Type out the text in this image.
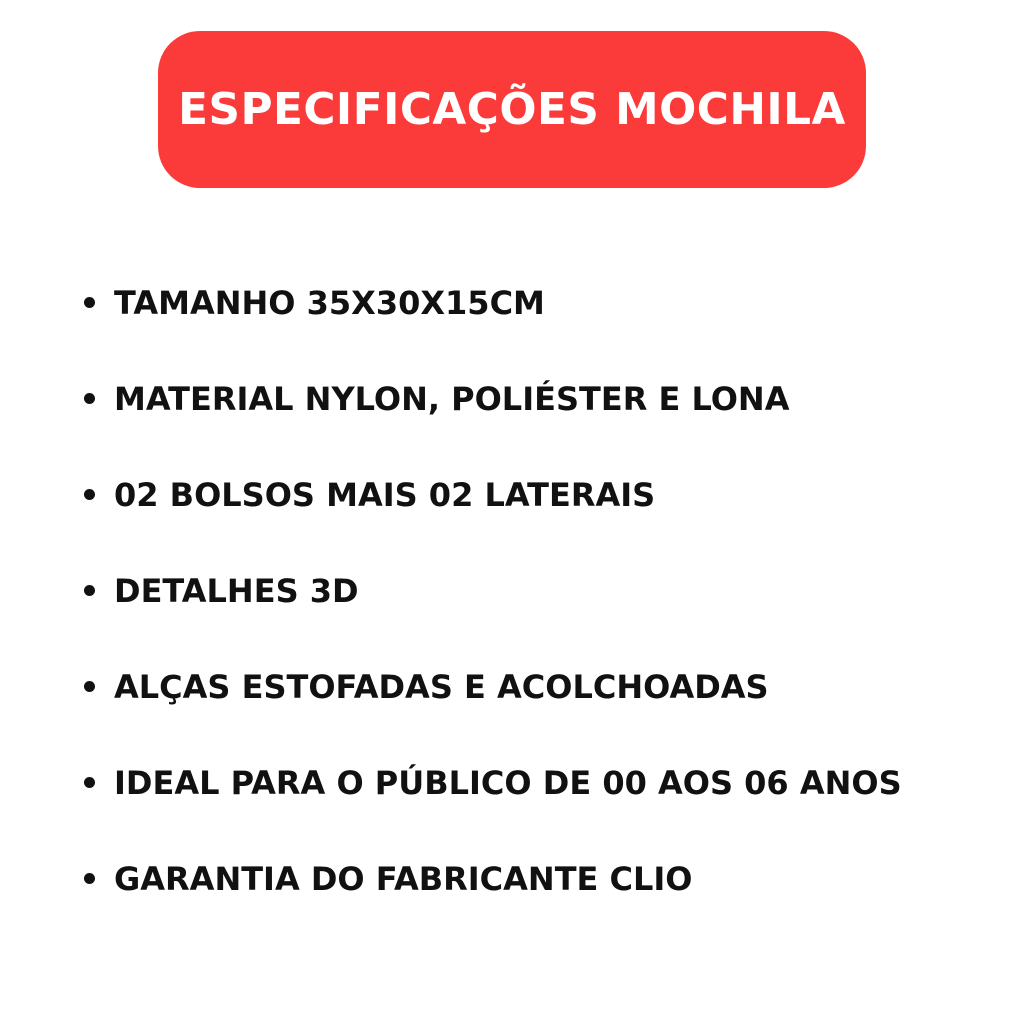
ESPECIFICAÇÕES MOCHILA
TAMANHO 35X30X15CM
MATERIAL NYLON, POLIÉSTER E LONA
02 BOLSOS MAIS 02 LATERAIS
DETALHES 3D
ALÇAS ESTOFADAS E ACOLCHOADAS
IDEAL PARA O PÚBLICO DE 00 AOS 06 ANOS
GARANTIA DO FABRICANTE CLIO
